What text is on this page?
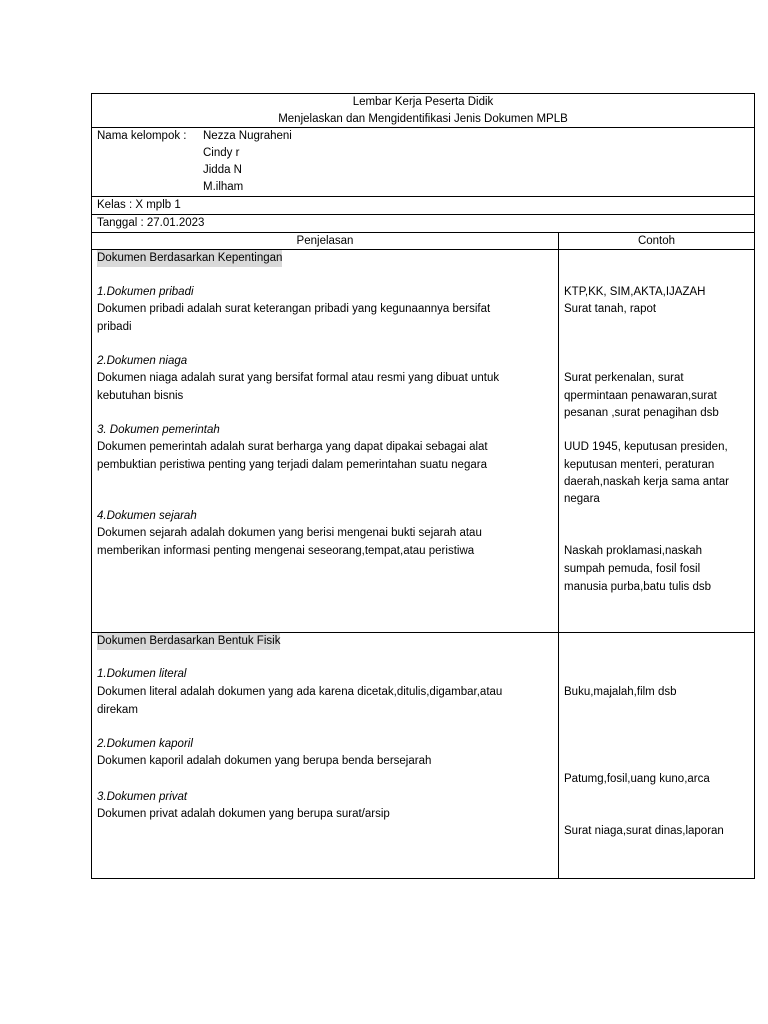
Lembar Kerja Peserta Didik
Menjelaskan dan Mengidentifikasi Jenis Dokumen MPLB
Nama kelompok : Nezza Nugraheni
Cindy r
Jidda N
M.ilham
Kelas : X mplb 1
Tanggal : 27.01.2023
Penjelasan	Contoh
Dokumen Berdasarkan Kepentingan
1.Dokumen pribadi
Dokumen pribadi adalah surat keterangan pribadi yang kegunaannya bersifat
pribadi
2.Dokumen niaga
Dokumen niaga adalah surat yang bersifat formal atau resmi yang dibuat untuk
kebutuhan bisnis
3. Dokumen pemerintah
Dokumen pemerintah adalah surat berharga yang dapat dipakai sebagai alat
pembuktian peristiwa penting yang terjadi dalam pemerintahan suatu negara
4.Dokumen sejarah
Dokumen sejarah adalah dokumen yang berisi mengenai bukti sejarah atau
memberikan informasi penting mengenai seseorang,tempat,atau peristiwa
KTP,KK, SIM,AKTA,IJAZAH
Surat tanah, rapot
Surat perkenalan, surat
qpermintaan penawaran,surat
pesanan ,surat penagihan dsb
UUD 1945, keputusan presiden,
keputusan menteri, peraturan
daerah,naskah kerja sama antar
negara
Naskah proklamasi,naskah
sumpah pemuda, fosil fosil
manusia purba,batu tulis dsb
Dokumen Berdasarkan Bentuk Fisik
1.Dokumen literal
Dokumen literal adalah dokumen yang ada karena dicetak,ditulis,digambar,atau
direkam
2.Dokumen kaporil
Dokumen kaporil adalah dokumen yang berupa benda bersejarah
3.Dokumen privat
Dokumen privat adalah dokumen yang berupa surat/arsip
Buku,majalah,film dsb
Patumg,fosil,uang kuno,arca
Surat niaga,surat dinas,laporan
